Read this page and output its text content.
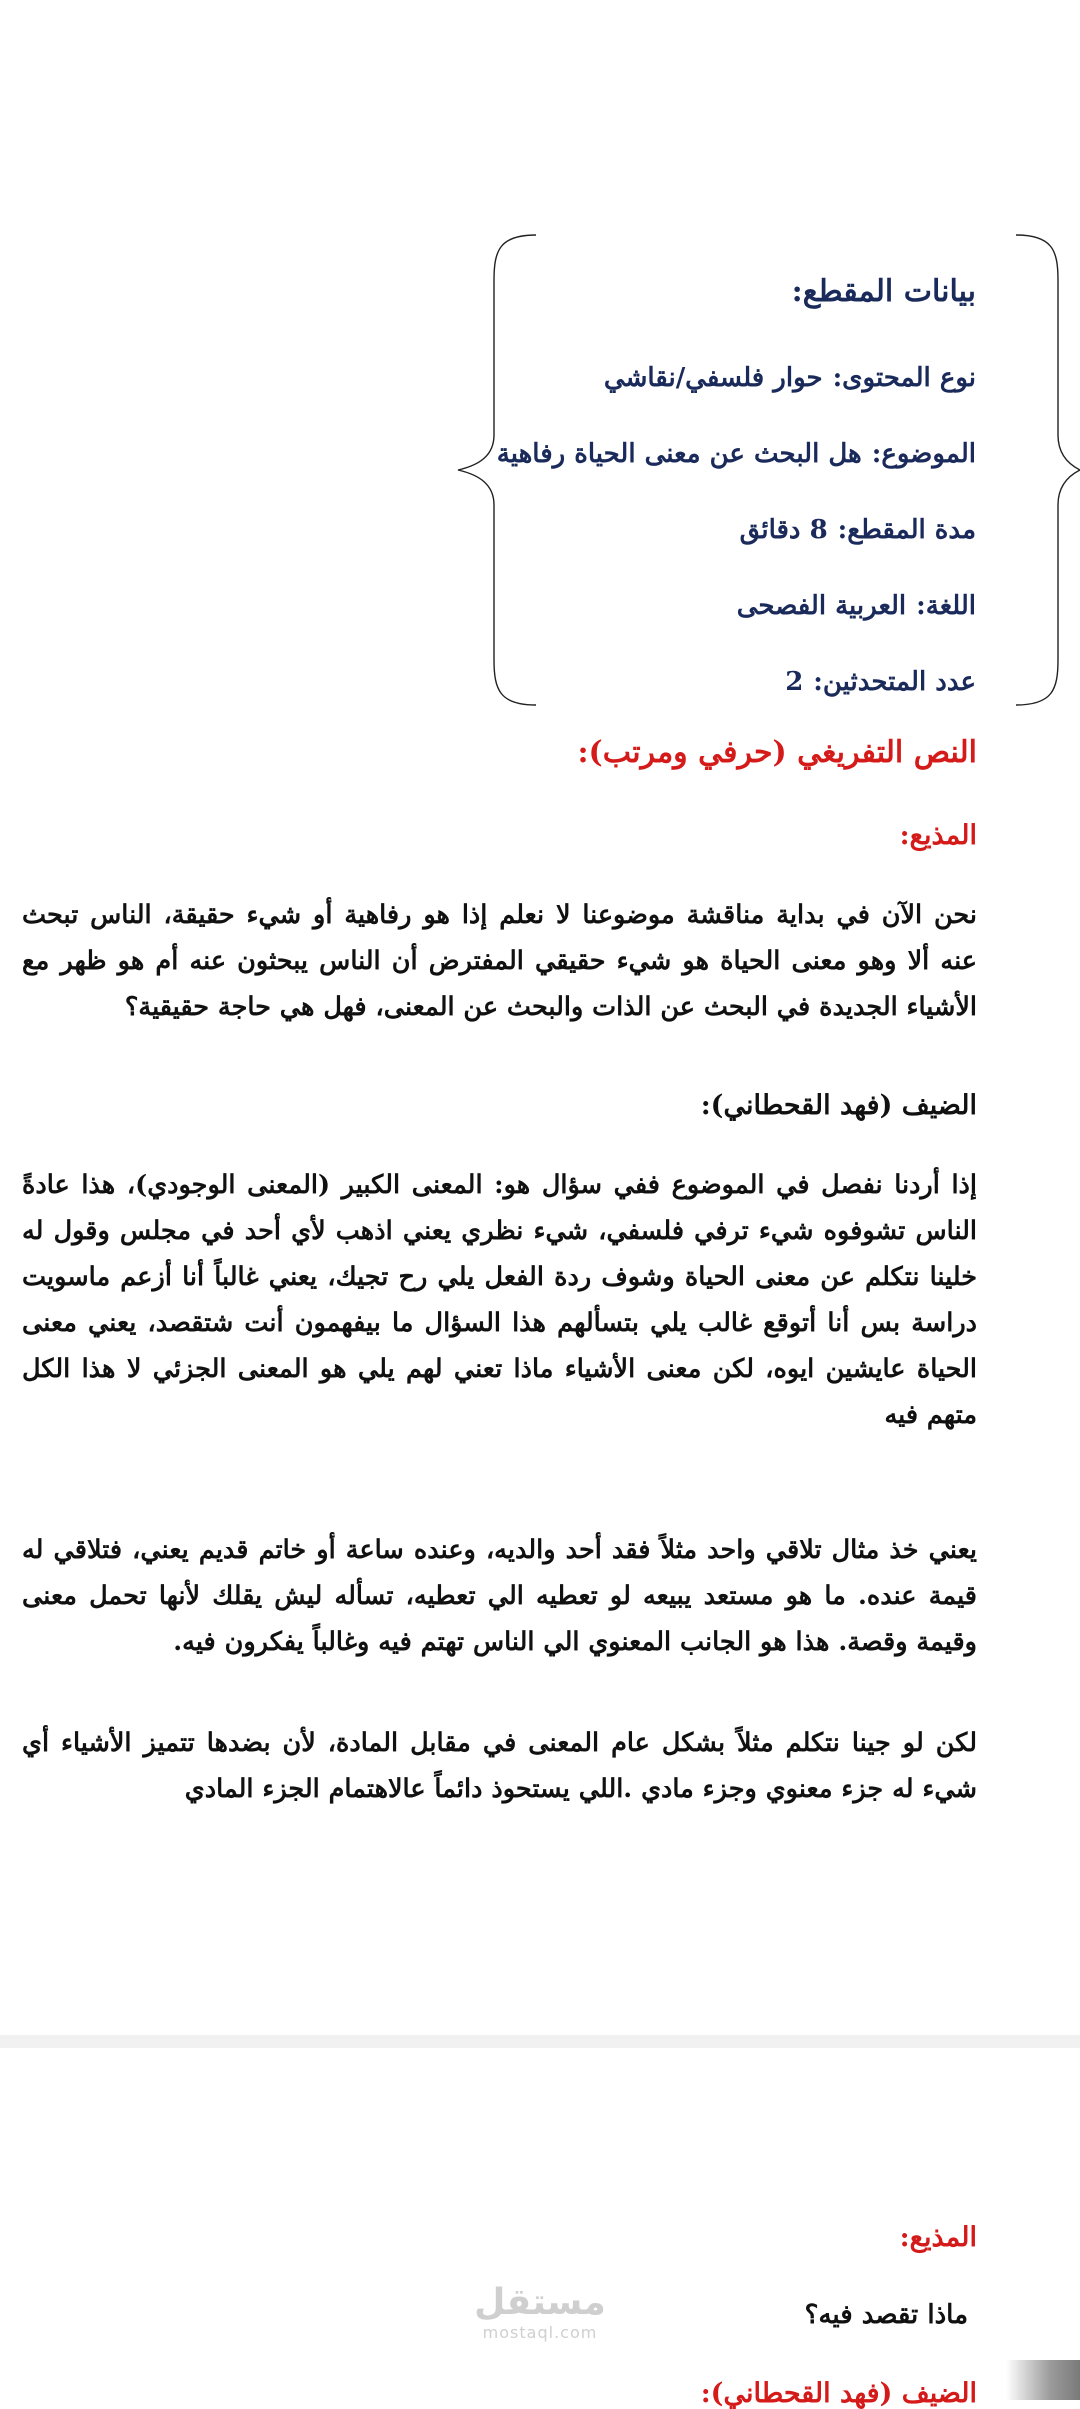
بيانات المقطع:
نوع المحتوى:حوار فلسفي/نقاشي
الموضوع:هل البحث عن معنى الحياة رفاهية
مدة المقطع:8 دقائق
اللغة:العربية الفصحى
عدد المتحدثين:2
النص التفريغي (حرفي ومرتب):
المذيع:
نحن الآن في بداية مناقشة موضوعنا لا نعلم إذا هو رفاهية أو شيء حقيقة، الناس تبحث
عنه ألا وهو معنى الحياة هو شيء حقيقي المفترض أن الناس يبحثون عنه أم هو ظهر مع
الأشياء الجديدة في البحث عن الذات والبحث عن المعنى، فهل هي حاجة حقيقية؟
الضيف (فهد القحطاني):
إذا أردنا نفصل في الموضوع ففي سؤال هو: المعنى الكبير (المعنى الوجودي)، هذا عادةً
الناس تشوفوه شيء ترفي فلسفي، شيء نظري يعني اذهب لأي أحد في مجلس وقول له
خلينا نتكلم عن معنى الحياة وشوف ردة الفعل يلي رح تجيك، يعني غالباً أنا أزعم ماسويت
دراسة بس أنا أتوقع غالب يلي بتسألهم هذا السؤال ما بيفهمون أنت شتقصد، يعني معنى
الحياة عايشين ايوه، لكن معنى الأشياء ماذا تعني لهم يلي هو المعنى الجزئي لا هذا الكل
متهم فيه
يعني خذ مثال تلاقي واحد مثلاً فقد أحد والديه، وعنده ساعة أو خاتم قديم يعني، فتلاقي له
قيمة عنده. ما هو مستعد يبيعه لو تعطيه الي تعطيه، تسأله ليش يقلك لأنها تحمل معنى
وقيمة وقصة. هذا هو الجانب المعنوي الي الناس تهتم فيه وغالباً يفكرون فيه.
لكن لو جينا نتكلم مثلاً بشكل عام المعنى في مقابل المادة، لأن بضدها تتميز الأشياء أي
شيء له جزء معنوي وجزء مادي .اللي يستحوذ دائماً عالاهتمام الجزء المادي
المذيع:
مستقل
mostaql.com
ماذا تقصد فيه؟
الضيف (فهد القحطاني):
